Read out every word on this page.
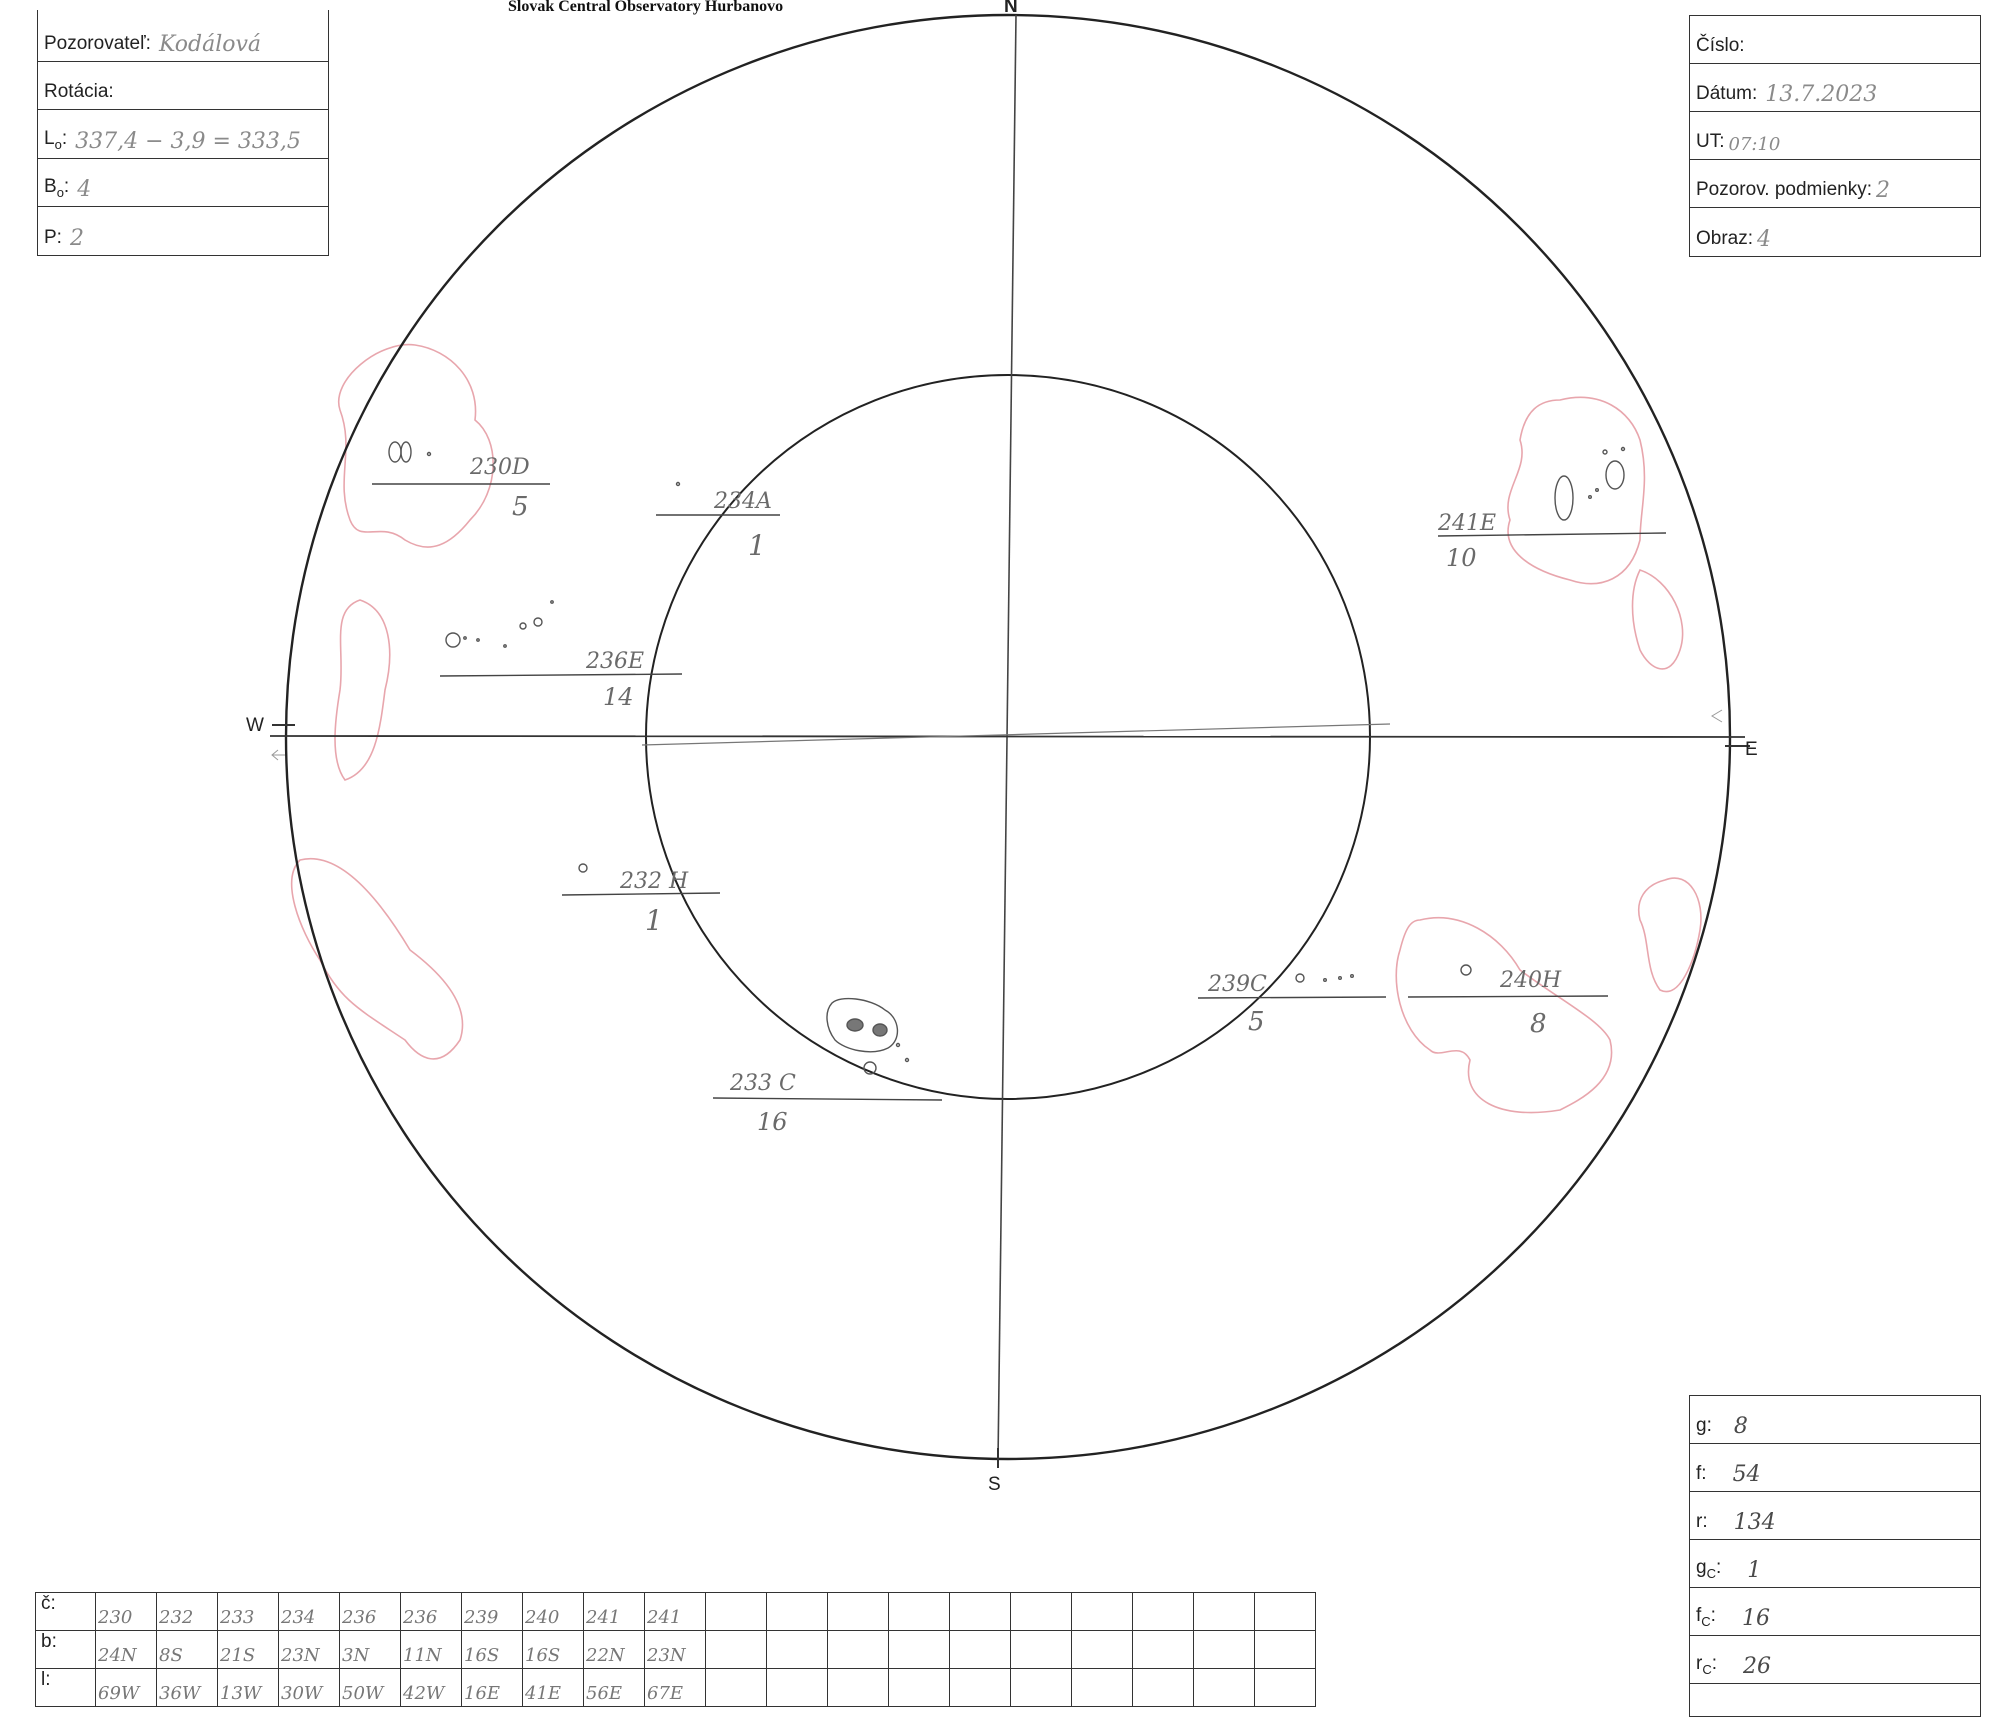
Slovak Central Observatory Hurbanovo	N
S
W
E
230D
5	234A
1
236E
14
232 H
1
233 C
16
239C
5
240H
8
241E
10
Pozorovateľ: Kodálová
Rotácia:
$L_o$: 337,4 − 3,9 = 333,5
$B_o$: 4
P: 2
Číslo:
Dátum: 13.7.2023
UT: 07:10
Pozorov. podmienky: 2
Obraz: 4
g: 8
f: 54
r: 134
$g_C$: 1
$f_C$: 16
$r_C$: 26
č:	230	232	233	234	236	236	239	240	241	241										
b:	24N	8S	21S	23N	3N	11N	16S	16S	22N	23N										
l:	69W	36W	13W	30W	50W	42W	16E	41E	56E	67E										
